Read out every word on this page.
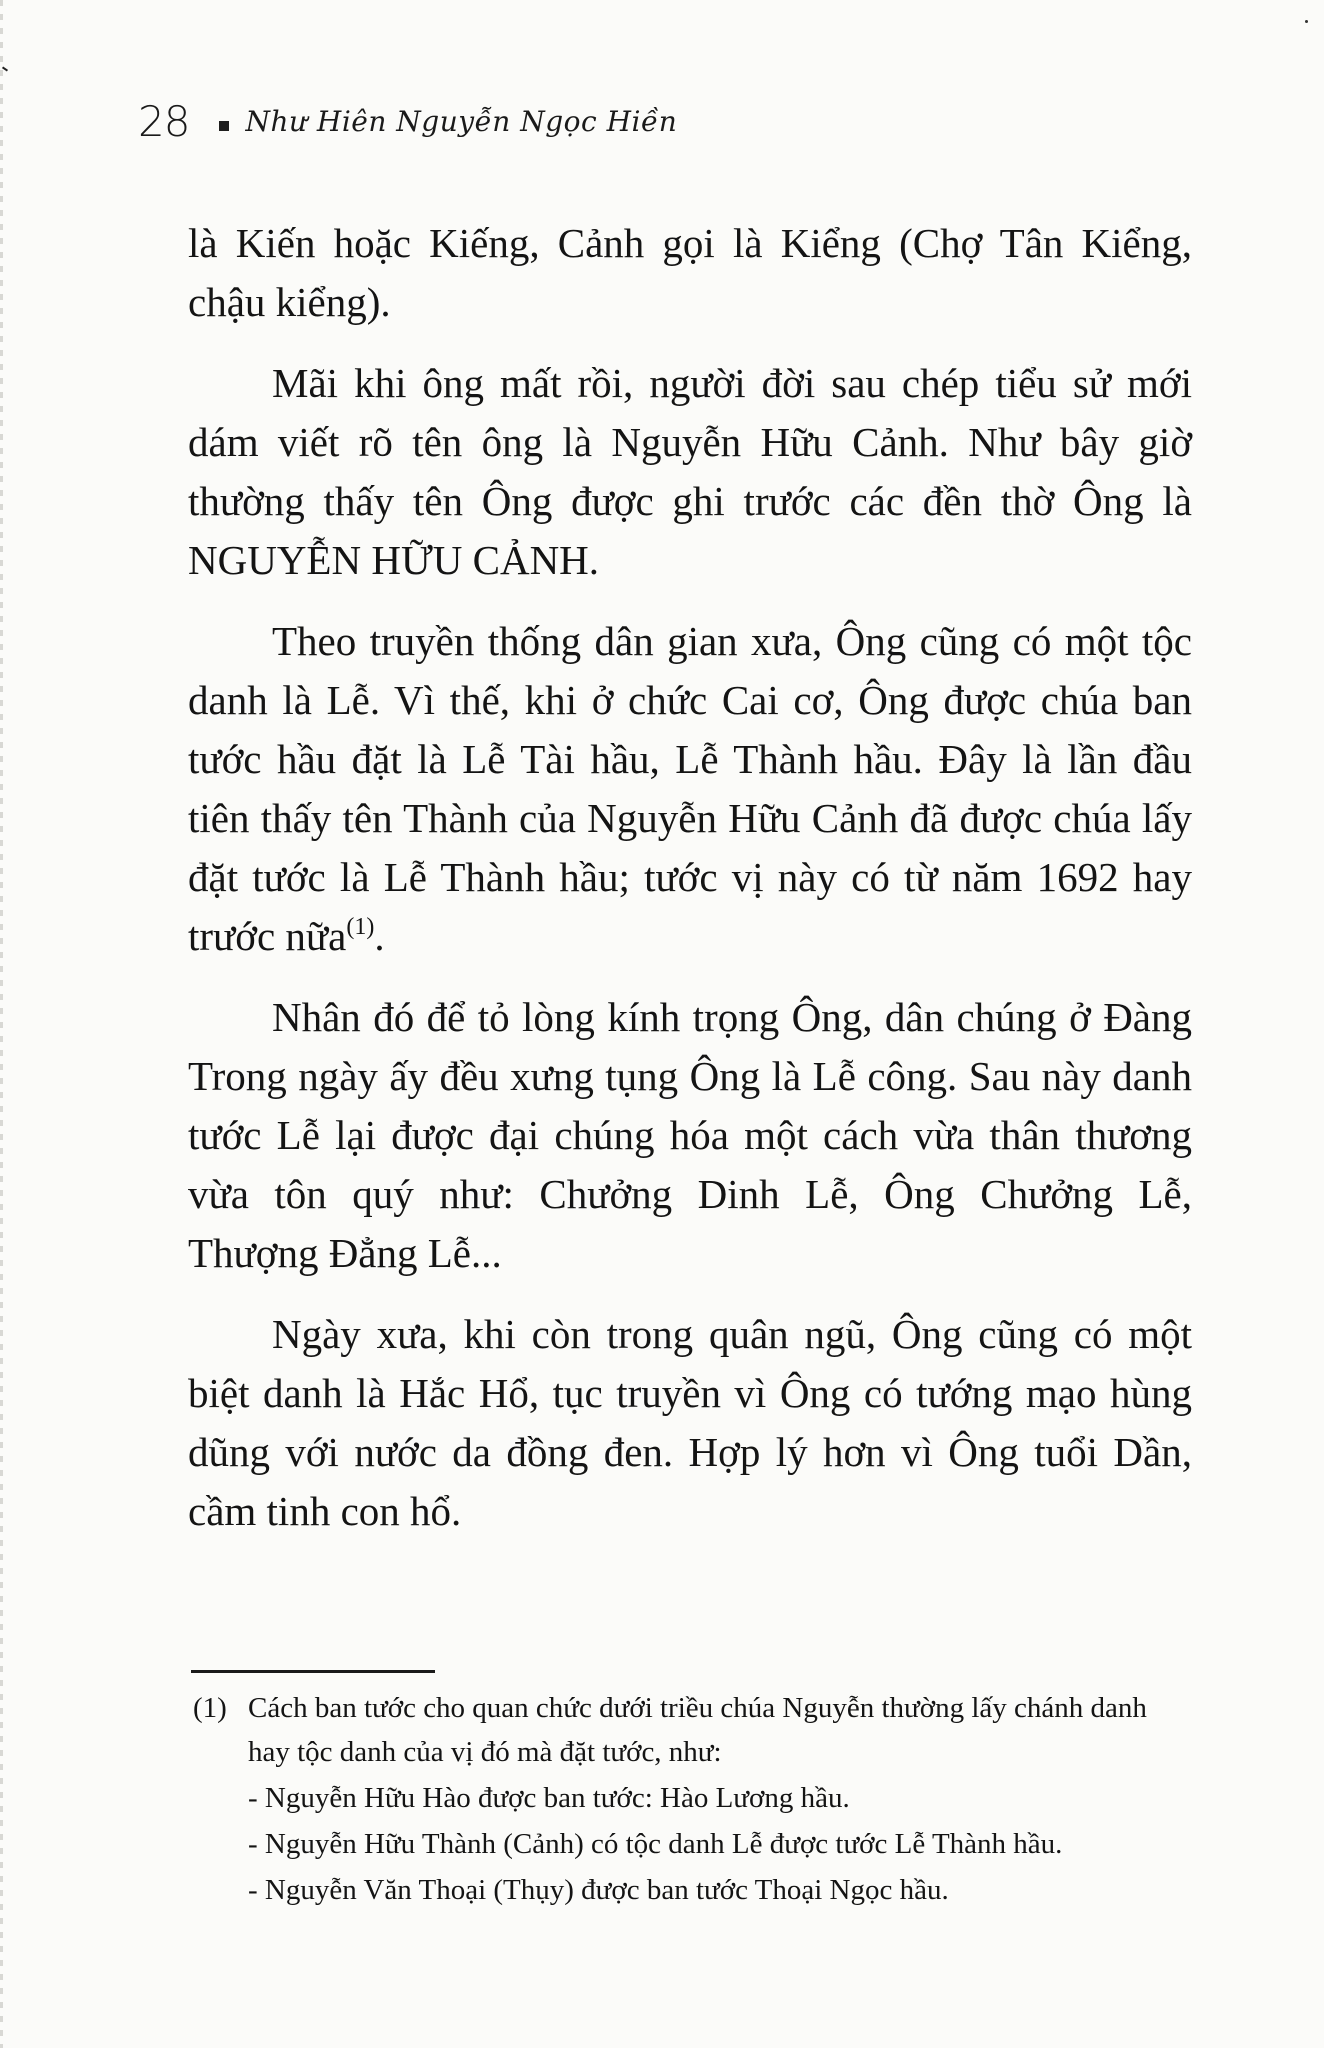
28 Như Hiên Nguyễn Ngọc Hiền

là Kiến hoặc Kiếng, Cảnh gọi là Kiểng (Chợ Tân Kiểng, chậu kiểng).

Mãi khi ông mất rồi, người đời sau chép tiểu sử mới dám viết rõ tên ông là Nguyễn Hữu Cảnh. Như bây giờ thường thấy tên Ông được ghi trước các đền thờ Ông là NGUYỄN HỮU CẢNH.

Theo truyền thống dân gian xưa, Ông cũng có một tộc danh là Lễ. Vì thế, khi ở chức Cai cơ, Ông được chúa ban tước hầu đặt là Lễ Tài hầu, Lễ Thành hầu. Đây là lần đầu tiên thấy tên Thành của Nguyễn Hữu Cảnh đã được chúa lấy đặt tước là Lễ Thành hầu; tước vị này có từ năm 1692 hay trước nữa$^{(1)}$.

Nhân đó để tỏ lòng kính trọng Ông, dân chúng ở Đàng Trong ngày ấy đều xưng tụng Ông là Lễ công. Sau này danh tước Lễ lại được đại chúng hóa một cách vừa thân thương vừa tôn quý như: Chưởng Dinh Lễ, Ông Chưởng Lễ, Thượng Đẳng Lễ...

Ngày xưa, khi còn trong quân ngũ, Ông cũng có một biệt danh là Hắc Hổ, tục truyền vì Ông có tướng mạo hùng dũng với nước da đồng đen. Hợp lý hơn vì Ông tuổi Dần, cầm tinh con hổ.

(1) Cách ban tước cho quan chức dưới triều chúa Nguyễn thường lấy chánh danh hay tộc danh của vị đó mà đặt tước, như:

- Nguyễn Hữu Hào được ban tước: Hào Lương hầu.

- Nguyễn Hữu Thành (Cảnh) có tộc danh Lễ được tước Lễ Thành hầu.

- Nguyễn Văn Thoại (Thụy) được ban tước Thoại Ngọc hầu.
